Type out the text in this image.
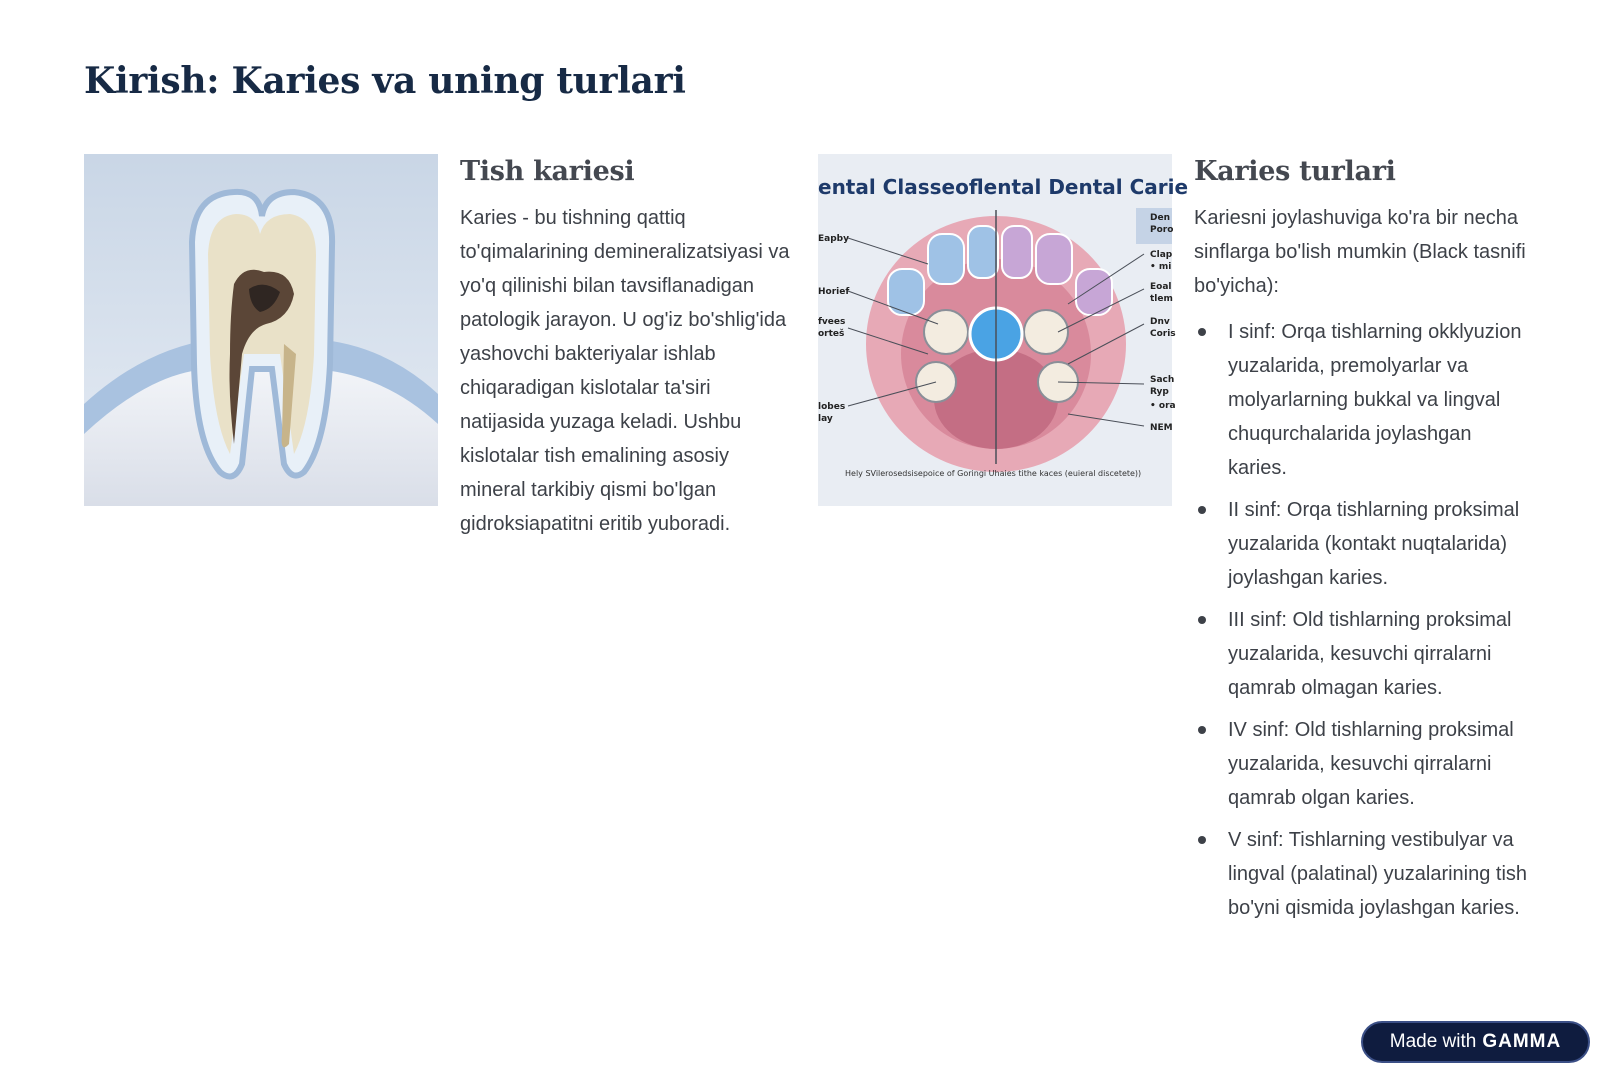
Kirish: Karies va uning turlari
Tish kariesi

Karies - bu tishning qattiq to'qimalarining demineralizatsiyasi va yo'q qilinishi bilan tavsiflanadigan patologik jarayon. U og'iz bo'shlig'ida yashovchi bakteriyalar ishlab chiqaradigan kislotalar ta'siri natijasida yuzaga keladi. Ushbu kislotalar tish emalining asosiy mineral tarkibiy qismi bo'lgan gidroksiapatitni eritib yuboradi.

ental Classeoflental Dental Carie
Eapby
Horief
fvees
orteš
lobes
lay
Den
Poro
Clap
• mi
Eoal
tlem
Dnv
Coris
Sach
Ryp
• ora
NEM
Hely SVilerosedsisepoice of Goringi Uhaies tithe kaces (euieral discetete))
Karies turlari

Kariesni joylashuviga ko'ra bir necha sinflarga bo'lish mumkin (Black tasnifi bo'yicha):

I sinf: Orqa tishlarning okklyuzion yuzalarida, premolyarlar va molyarlarning bukkal va lingval chuqurchalarida joylashgan karies.
II sinf: Orqa tishlarning proksimal yuzalarida (kontakt nuqtalarida) joylashgan karies.
III sinf: Old tishlarning proksimal yuzalarida, kesuvchi qirralarni qamrab olmagan karies.
IV sinf: Old tishlarning proksimal yuzalarida, kesuvchi qirralarni qamrab olgan karies.
V sinf: Tishlarning vestibulyar va lingval (palatinal) yuzalarining tish bo'yni qismida joylashgan karies.
Made with GAMMA
